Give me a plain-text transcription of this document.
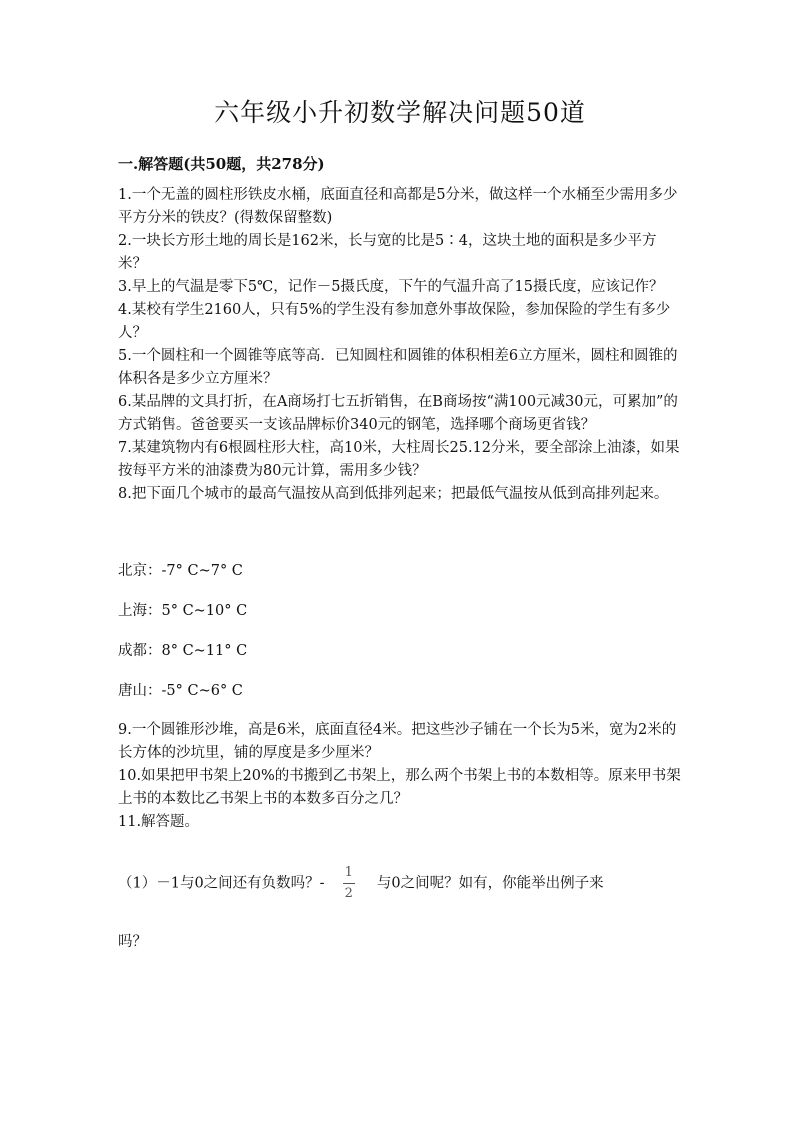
六年级小升初数学解决问题50道
一.解答题(共50题，共278分)

1.一个无盖的圆柱形铁皮水桶，底面直径和高都是5分米，做这样一个水桶至少需用多少平方分米的铁皮？(得数保留整数)

2.一块长方形土地的周长是162米，长与宽的比是5∶4，这块土地的面积是多少平方米？

3.早上的气温是零下5℃，记作－5摄氏度，下午的气温升高了15摄氏度，应该记作？

4.某校有学生2160人，只有5%的学生没有参加意外事故保险，参加保险的学生有多少人？

5.一个圆柱和一个圆锥等底等高．已知圆柱和圆锥的体积相差6立方厘米，圆柱和圆锥的体积各是多少立方厘米？

6.某品牌的文具打折，在A商场打七五折销售，在B商场按“满100元减30元，可累加”的方式销售。爸爸要买一支该品牌标价340元的钢笔，选择哪个商场更省钱？

7.某建筑物内有6根圆柱形大柱，高10米，大柱周长25.12分米，要全部涂上油漆，如果按每平方米的油漆费为80元计算，需用多少钱？

8.把下面几个城市的最高气温按从高到低排列起来；把最低气温按从低到高排列起来。

北京：-7° C~7° C

上海：5° C~10° C

成都：8° C~11° C

唐山：-5° C~6° C

9.一个圆锥形沙堆，高是6米，底面直径4米。把这些沙子铺在一个长为5米，宽为2米的长方体的沙坑里，铺的厚度是多少厘米？

10.如果把甲书架上20%的书搬到乙书架上，那么两个书架上书的本数相等。原来甲书架上书的本数比乙书架上书的本数多百分之几？

11.解答题。

（1）－1与0之间还有负数吗？- $\frac{1}{2}$ 与0之间呢？如有，你能举出例子来
吗？
